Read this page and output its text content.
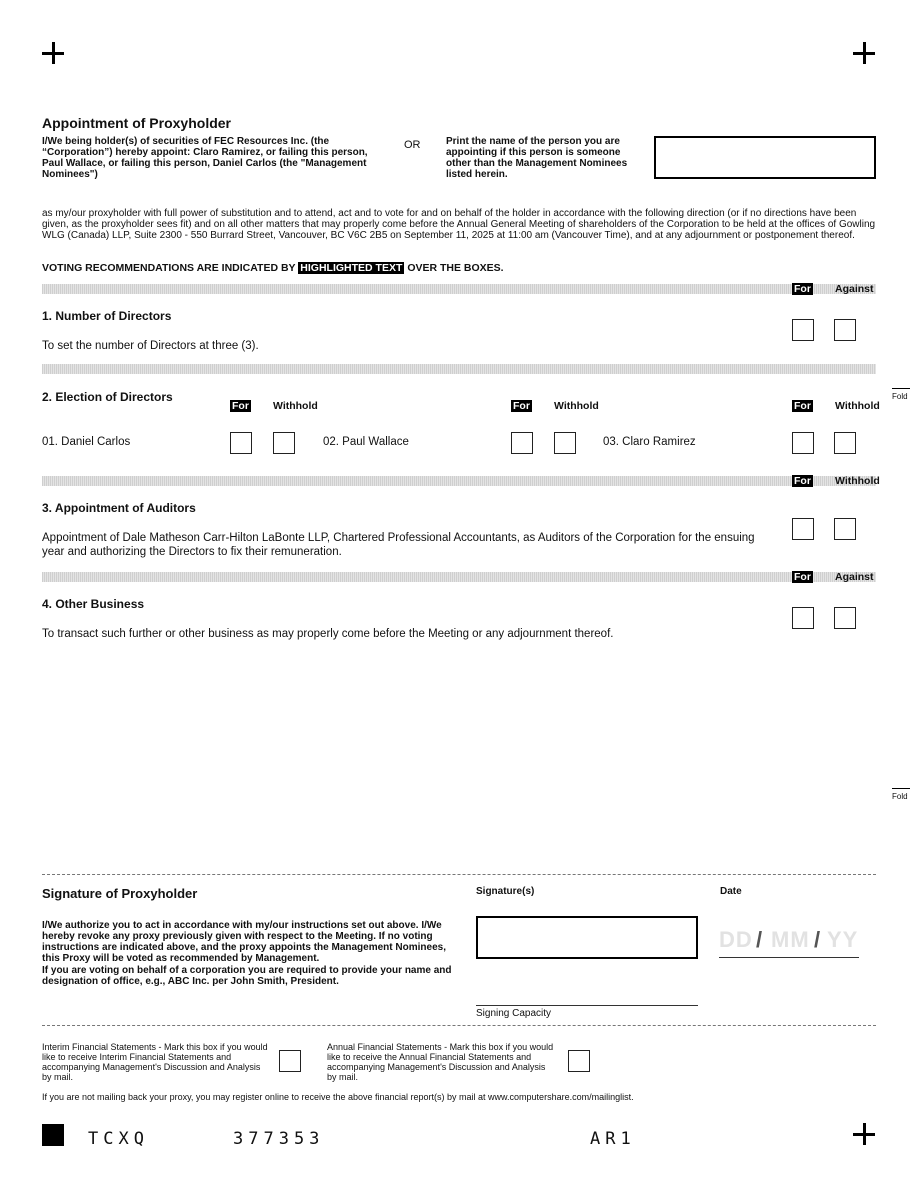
Appointment of Proxyholder
I/We being holder(s) of securities of FEC Resources Inc. (the “Corporation”) hereby appoint: Claro Ramirez, or failing this person, Paul Wallace, or failing this person, Daniel Carlos (the "Management Nominees")
OR	Print the name of the person you are appointing if this person is someone other than the Management Nominees listed herein.
as my/our proxyholder with full power of substitution and to attend, act and to vote for and on behalf of the holder in accordance with the following direction (or if no directions have been given, as the proxyholder sees fit) and on all other matters that may properly come before the Annual General Meeting of shareholders of the Corporation to be held at the offices of Gowling WLG (Canada) LLP, Suite 2300 - 550 Burrard Street, Vancouver, BC V6C 2B5 on September 11, 2025 at 11:00 am (Vancouver Time), and at any adjournment or postponement thereof.
VOTING RECOMMENDATIONS ARE INDICATED BY HIGHLIGHTED TEXT OVER THE BOXES.
For Against
1. Number of Directors
To set the number of Directors at three (3).
2. Election of Directors
For Withhold	For Withhold	For Withhold
01. Daniel Carlos	02. Paul Wallace	03. Claro Ramirez
For Withhold
3. Appointment of Auditors
Appointment of Dale Matheson Carr-Hilton LaBonte LLP, Chartered Professional Accountants, as Auditors of the Corporation for the ensuing year and authorizing the Directors to fix their remuneration.
For Against
4. Other Business
To transact such further or other business as may properly come before the Meeting or any adjournment thereof.
Fold
Fold
Signature of Proxyholder
I/We authorize you to act in accordance with my/our instructions set out above. I/We hereby revoke any proxy previously given with respect to the Meeting. If no voting instructions are indicated above, and the proxy appoints the Management Nominees, this Proxy will be voted as recommended by Management.
If you are voting on behalf of a corporation you are required to provide your name and designation of office, e.g., ABC Inc. per John Smith, President.
Signature(s)	Date
DD / MM / YY
Signing Capacity
Interim Financial Statements - Mark this box if you would like to receive Interim Financial Statements and accompanying Management's Discussion and Analysis by mail.
Annual Financial Statements - Mark this box if you would like to receive the Annual Financial Statements and accompanying Management's Discussion and Analysis by mail.
If you are not mailing back your proxy, you may register online to receive the above financial report(s) by mail at www.computershare.com/mailinglist.
TCXQ	377353	AR1
